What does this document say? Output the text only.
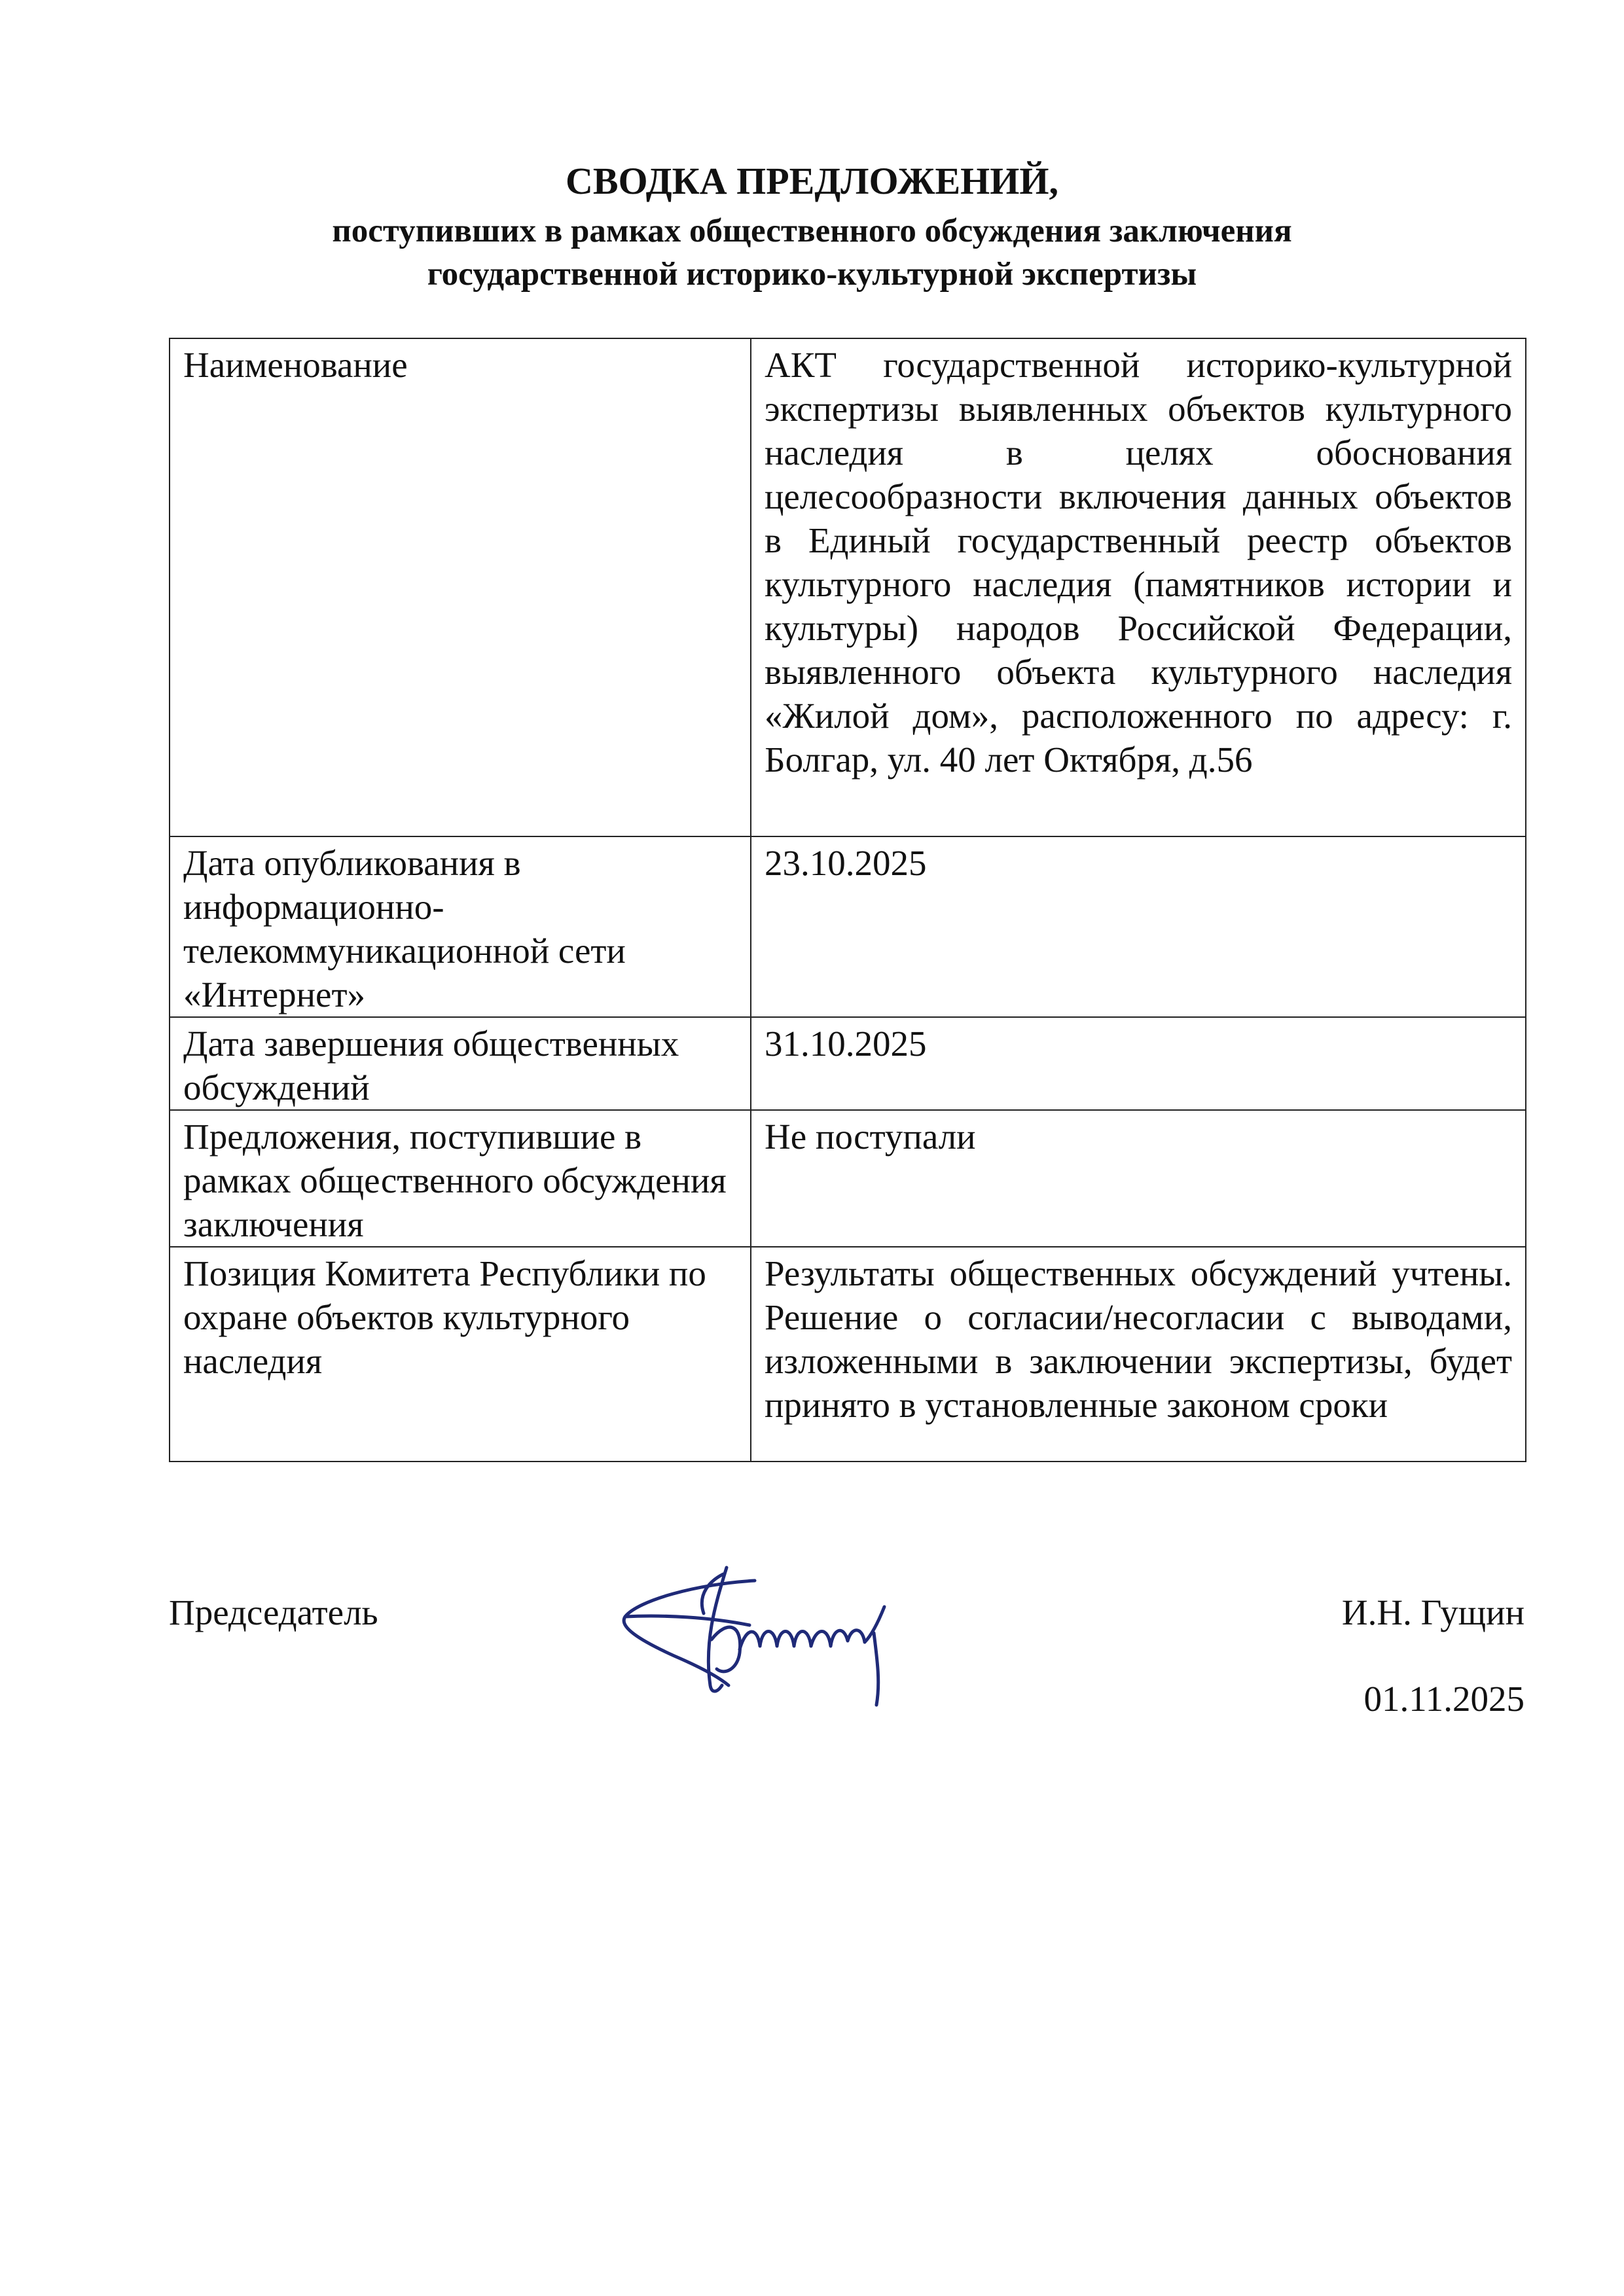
СВОДКА ПРЕДЛОЖЕНИЙ,
поступивших в рамках общественного обсуждения заключения
государственной историко-культурной экспертизы
Наименование	АКТ государственной историко-культурной экспертизы выявленных объектов культурного наследия в целях обоснования целесообразности включения данных объектов в Единый государственный реестр объектов культурного наследия (памятников истории и культуры) народов Российской Федерации, выявленного объекта культурного наследия «Жилой дом», расположенного по адресу: г. Болгар, ул. 40 лет Октября, д.56
Дата опубликования в информационно-телекоммуникационной сети «Интернет»	23.10.2025
Дата завершения общественных обсуждений	31.10.2025
Предложения, поступившие в рамках общественного обсуждения заключения	Не поступали
Позиция Комитета Республики по охране объектов культурного наследия	Результаты общественных обсуждений учтены. Решение о согласии/несогласии с выводами, изложенными в заключении экспертизы, будет принято в установленные законом сроки
Председатель	И.Н. Гущин
01.11.2025
